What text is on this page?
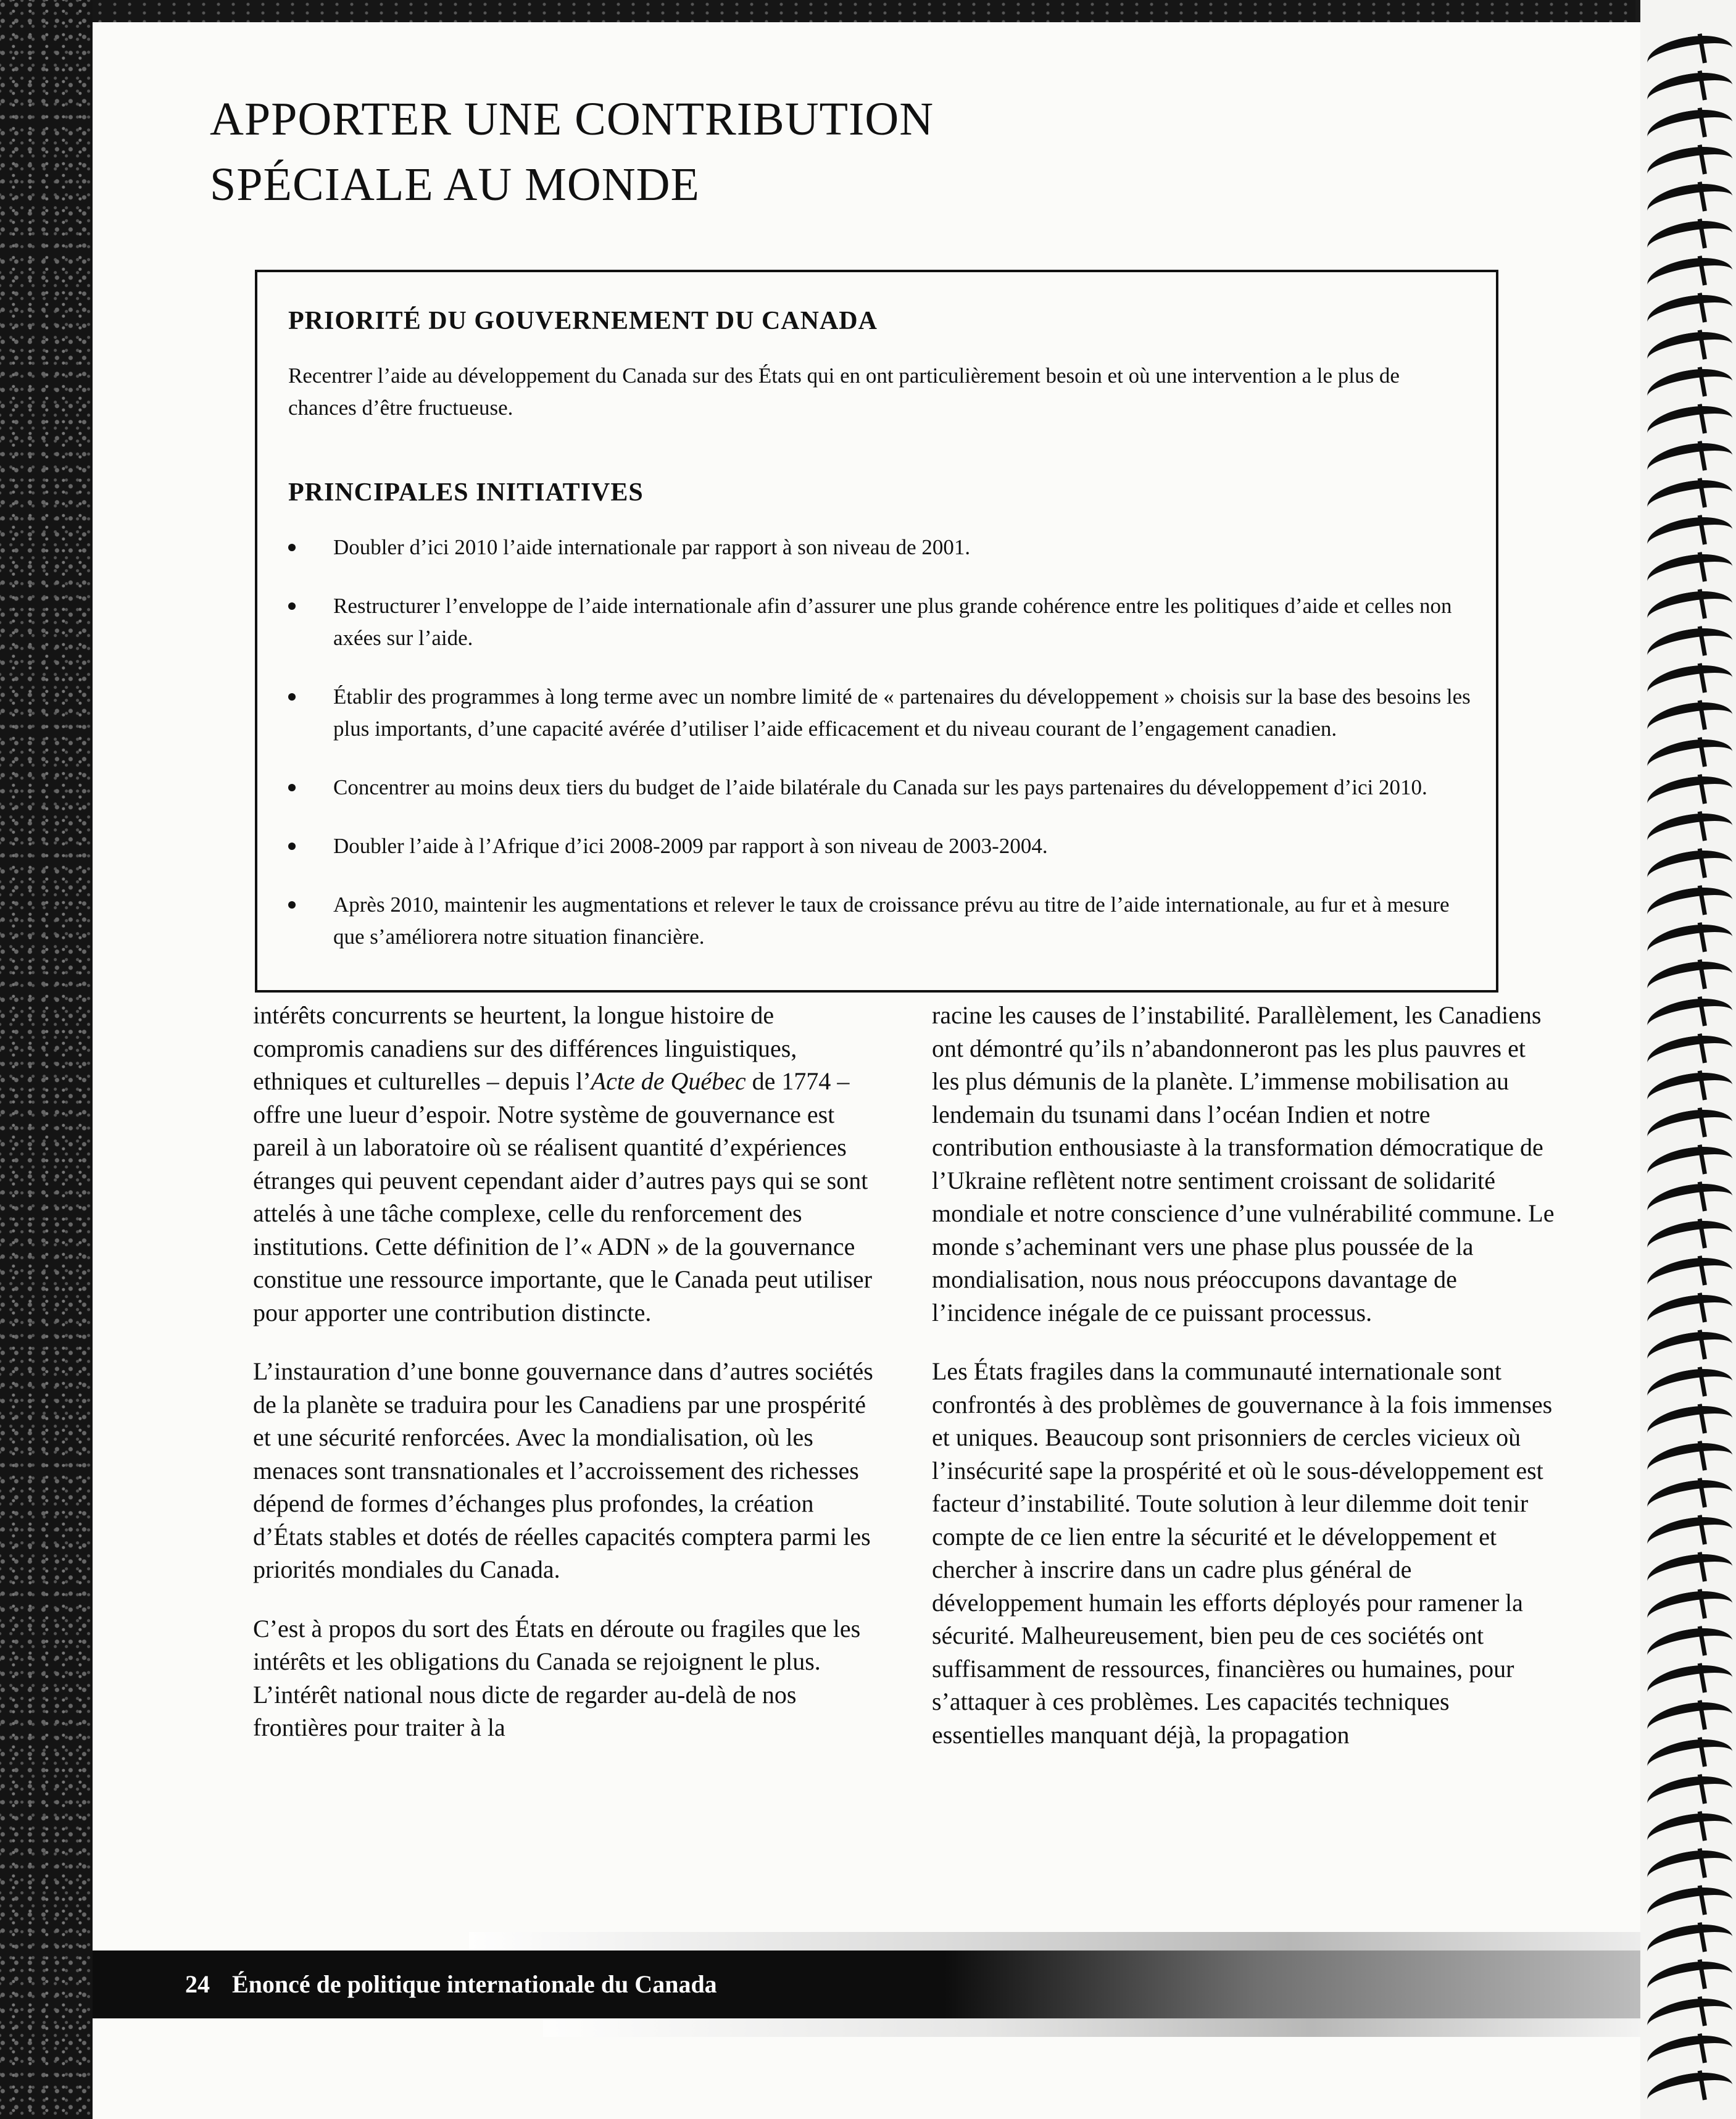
APPORTER UNE CONTRIBUTION
SPÉCIALE AU MONDE
PRIORITÉ DU GOUVERNEMENT DU CANADA

Recentrer l’aide au développement du Canada sur des États qui en ont particulièrement besoin et où une intervention a le plus de chances d’être fructueuse.

PRINCIPALES INITIATIVES
Doubler d’ici 2010 l’aide internationale par rapport à son niveau de 2001.
Restructurer l’enveloppe de l’aide internationale afin d’assurer une plus grande cohérence entre les politiques d’aide et celles non axées sur l’aide.
Établir des programmes à long terme avec un nombre limité de « partenaires du développement » choisis sur la base des besoins les plus importants, d’une capacité avérée d’utiliser l’aide efficacement et du niveau courant de l’engagement canadien.
Concentrer au moins deux tiers du budget de l’aide bilatérale du Canada sur les pays partenaires du développement d’ici 2010.
Doubler l’aide à l’Afrique d’ici 2008-2009 par rapport à son niveau de 2003-2004.
Après 2010, maintenir les augmentations et relever le taux de croissance prévu au titre de l’aide internationale, au fur et à mesure que s’améliorera notre situation financière.

intérêts concurrents se heurtent, la longue histoire de compromis canadiens sur des différences linguistiques, ethniques et culturelles – depuis l’Acte de Québec de 1774 – offre une lueur d’espoir. Notre système de gouvernance est pareil à un laboratoire où se réalisent quantité d’expériences étranges qui peuvent cependant aider d’autres pays qui se sont attelés à une tâche complexe, celle du renforcement des institutions. Cette définition de l’« ADN » de la gouvernance constitue une ressource importante, que le Canada peut utiliser pour apporter une contribution distincte.

L’instauration d’une bonne gouvernance dans d’autres sociétés de la planète se traduira pour les Canadiens par une prospérité et une sécurité renforcées. Avec la mondialisation, où les menaces sont transnationales et l’accroissement des richesses dépend de formes d’échanges plus profondes, la création d’États stables et dotés de réelles capacités comptera parmi les priorités mondiales du Canada.

C’est à propos du sort des États en déroute ou fragiles que les intérêts et les obligations du Canada se rejoignent le plus. L’intérêt national nous dicte de regarder au-delà de nos frontières pour traiter à la

racine les causes de l’instabilité. Parallèlement, les Canadiens ont démontré qu’ils n’abandonneront pas les plus pauvres et les plus démunis de la planète. L’immense mobilisation au lendemain du tsunami dans l’océan Indien et notre contribution enthousiaste à la transformation démocratique de l’Ukraine reflètent notre sentiment croissant de solidarité mondiale et notre conscience d’une vulnérabilité commune. Le monde s’acheminant vers une phase plus poussée de la mondialisation, nous nous préoccupons davantage de l’incidence inégale de ce puissant processus.

Les États fragiles dans la communauté internationale sont confrontés à des problèmes de gouvernance à la fois immenses et uniques. Beaucoup sont prisonniers de cercles vicieux où l’insécurité sape la prospérité et où le sous-développement est facteur d’instabilité. Toute solution à leur dilemme doit tenir compte de ce lien entre la sécurité et le développement et chercher à inscrire dans un cadre plus général de développement humain les efforts déployés pour ramener la sécurité. Malheureusement, bien peu de ces sociétés ont suffisamment de ressources, financières ou humaines, pour s’attaquer à ces problèmes. Les capacités techniques essentielles manquant déjà, la propagation

24 Énoncé de politique internationale du Canada
